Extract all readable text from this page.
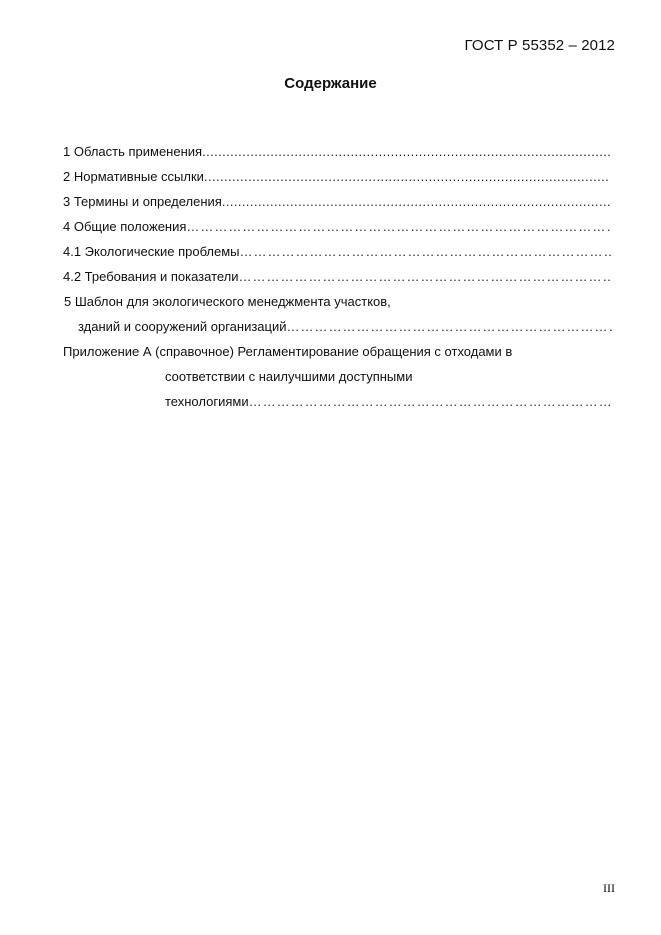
ГОСТ Р 55352 – 2012
Содержание
1 Область применения
.....
2 Нормативные ссылки
.....
3 Термины и определения
.....
4 Общие положения
……………………………………………………………………………………………………………………………………………………………………………………………………
4.1 Экологические проблемы
……………………………………………………………………………………………………………………………………………………………………………………………………
4.2 Требования и показатели
……………………………………………………………………………………………………………………………………………………………………………………………………
5 Шаблон для экологического менеджмента участков,
зданий и сооружений организаций
……………………………………………………………………………………………………………………………………………………………………………………………………
Приложение А (справочное) Регламентирование обращения с отходами в
соответствии с наилучшими доступными
технологиями
……………………………………………………………………………………………………………………………………………………………………………………………………
III
